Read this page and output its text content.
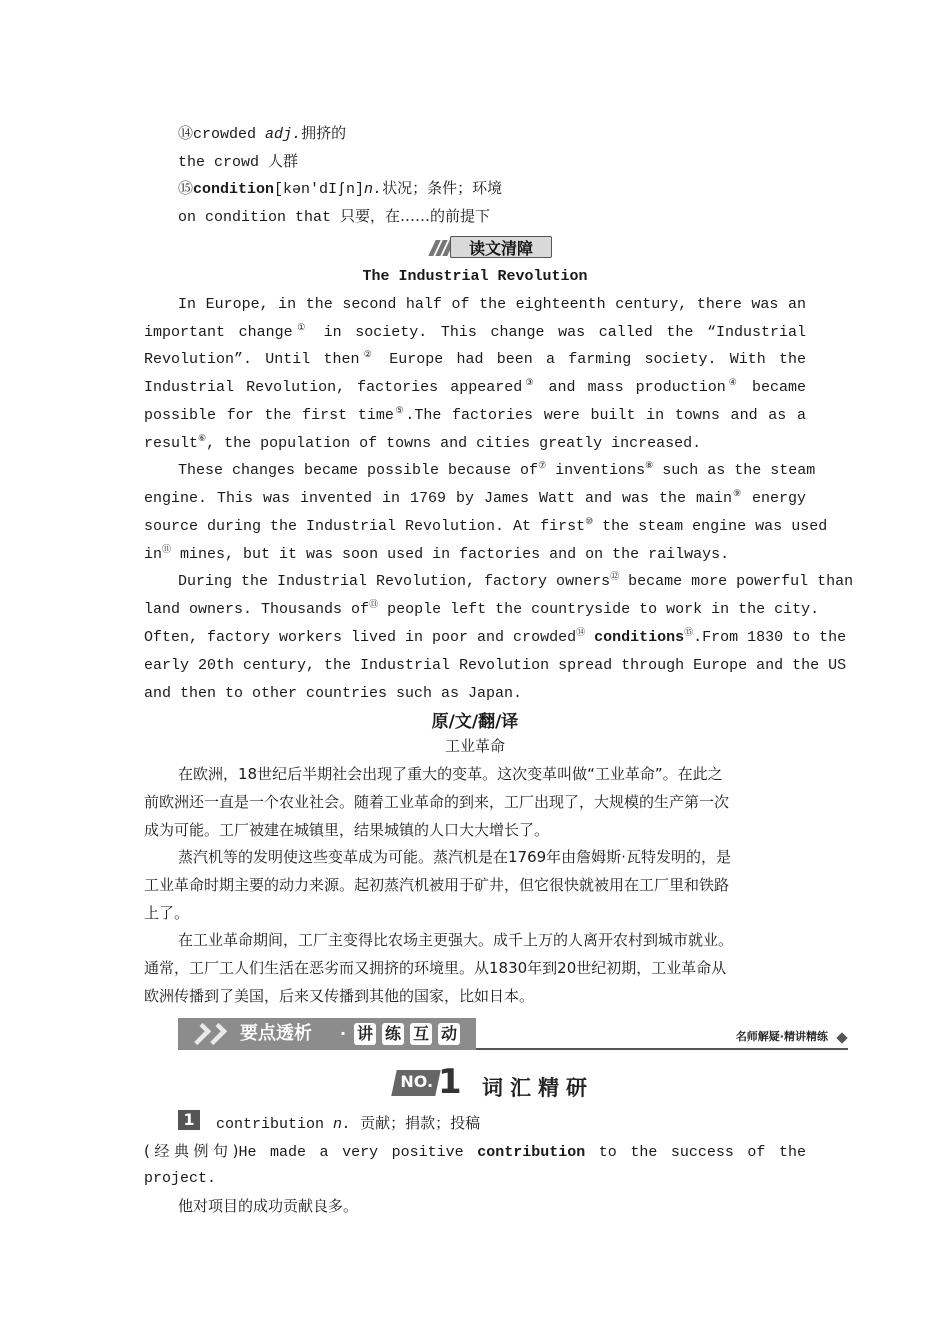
⑭crowded adj.拥挤的
the crowd 人群
⑮condition[kən'dIʃn]n.状况；条件；环境
on condition that 只要，在……的前提下
读文清障
The Industrial Revolution
In Europe, in the second half of the eighteenth century, there was an
important change① in society. This change was called the “Industrial
Revolution”. Until then② Europe had been a farming society. With the
Industrial Revolution, factories appeared③ and mass production④ became
possible for the first time⑤.The factories were built in towns and as a
result⑥, the population of towns and cities greatly increased.
These changes became possible because of⑦ inventions⑧ such as the steam
engine. This was invented in 1769 by James Watt and was the main⑨ energy
source during the Industrial Revolution. At first⑩ the steam engine was used
in⑪ mines, but it was soon used in factories and on the railways.
During the Industrial Revolution, factory owners⑫ became more powerful than
land owners. Thousands of⑬ people left the countryside to work in the city.
Often, factory workers lived in poor and crowded⑭ conditions⑮.From 1830 to the
early 20th century, the Industrial Revolution spread through Europe and the US
and then to other countries such as Japan.
原/文/翻/译
工业革命
在欧洲，18世纪后半期社会出现了重大的变革。这次变革叫做“工业革命”。在此之
前欧洲还一直是一个农业社会。随着工业革命的到来，工厂出现了，大规模的生产第一次
成为可能。工厂被建在城镇里，结果城镇的人口大大增长了。
蒸汽机等的发明使这些变革成为可能。蒸汽机是在1769年由詹姆斯·瓦特发明的，是
工业革命时期主要的动力来源。起初蒸汽机被用于矿井，但它很快就被用在工厂里和铁路
上了。
在工业革命期间，工厂主变得比农场主更强大。成千上万的人离开农村到城市就业。
通常，工厂工人们生活在恶劣而又拥挤的环境里。从1830年到20世纪初期，工业革命从
欧洲传播到了美国，后来又传播到其他的国家，比如日本。
要点透析 · 讲 练 互 动	名师解疑·精讲精练
NO. 1 词汇精研
1	contribution n. 贡献；捐款；投稿
(经典例句)He made a very positive contribution to the success of the
project.
他对项目的成功贡献良多。
